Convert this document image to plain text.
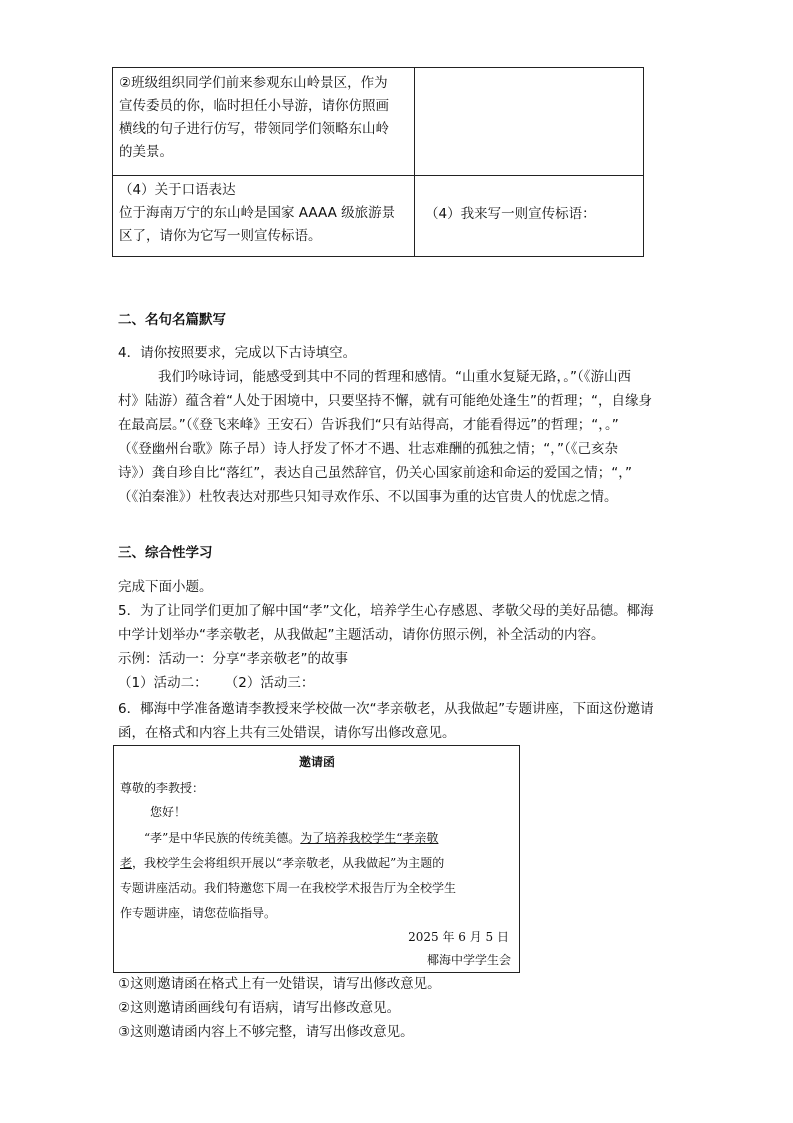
②班级组织同学们前来参观东山岭景区，作为
宣传委员的你，临时担任小导游，请你仿照画
横线的句子进行仿写，带领同学们领略东山岭
的美景。
（4）关于口语表达
位于海南万宁的东山岭是国家 AAAA 级旅游景
区了，请你为它写一则宣传标语。
（4）我来写一则宣传标语：
二、名句名篇默写
4．请你按照要求，完成以下古诗填空。
我们吟咏诗词，能感受到其中不同的哲理和感情。“山重水复疑无路，。”（《游山西
村》陆游）蕴含着“人处于困境中，只要坚持不懈，就有可能绝处逢生”的哲理；“，自缘身
在最高层。”（《登飞来峰》王安石）告诉我们“只有站得高，才能看得远”的哲理；“，。”
（《登幽州台歌》陈子昂）诗人抒发了怀才不遇、壮志难酬的孤独之情；“，”（《己亥杂
诗》）龚自珍自比“落红”，表达自己虽然辞官，仍关心国家前途和命运的爱国之情；“，”
（《泊秦淮》）杜牧表达对那些只知寻欢作乐、不以国事为重的达官贵人的忧虑之情。
三、综合性学习
完成下面小题。
5．为了让同学们更加了解中国“孝”文化，培养学生心存感恩、孝敬父母的美好品德。椰海
中学计划举办“孝亲敬老，从我做起”主题活动，请你仿照示例，补全活动的内容。
示例：活动一：分享“孝亲敬老”的故事
（1）活动二：    （2）活动三：
6．椰海中学准备邀请李教授来学校做一次“孝亲敬老，从我做起”专题讲座，下面这份邀请
函，在格式和内容上共有三处错误，请你写出修改意见。
邀请函
尊敬的李教授：
您好！
“孝”是中华民族的传统美德。为了培养我校学生“孝亲敬
老，我校学生会将组织开展以“孝亲敬老，从我做起”为主题的
专题讲座活动。我们特邀您下周一在我校学术报告厅为全校学生
作专题讲座，请您莅临指导。
2025 年 6 月 5 日
椰海中学学生会
①这则邀请函在格式上有一处错误，请写出修改意见。
②这则邀请函画线句有语病，请写出修改意见。
③这则邀请函内容上不够完整，请写出修改意见。
